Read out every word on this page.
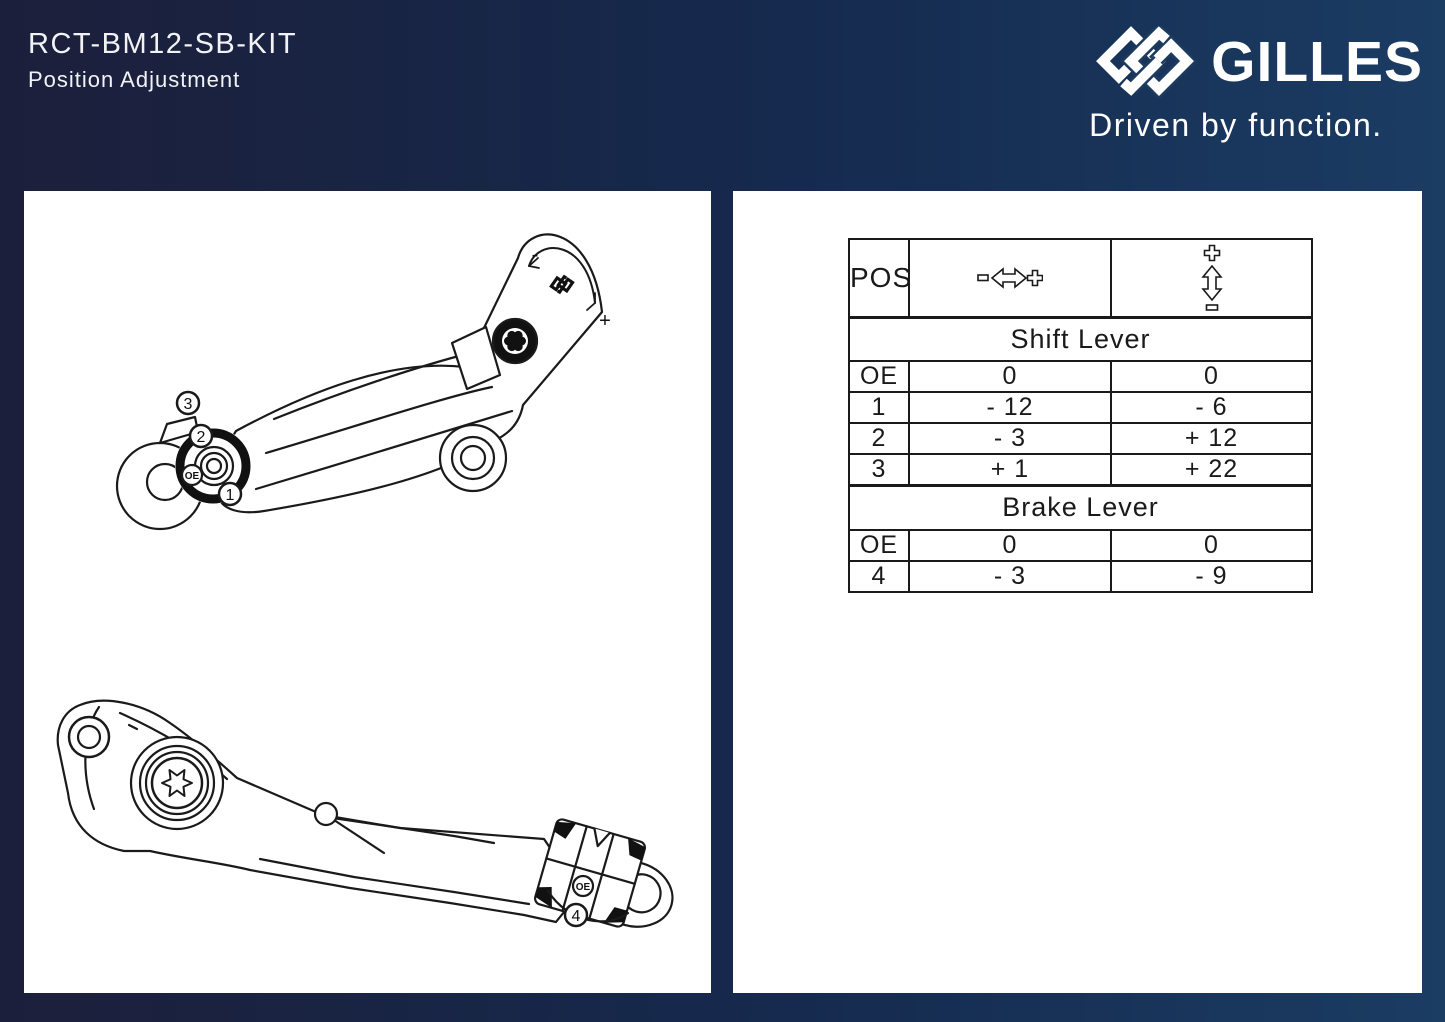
RCT-BM12-SB-KIT
Position Adjustment	GILLES
Driven by function.
-
+
OE
3
2
1
OE
4
POS	

Shift Lever		
OE	0	0
1	- 12	- 6
2	- 3	+ 12
3	+ 1	+ 22
Brake Lever		
OE	0	0
4	- 3	- 9
